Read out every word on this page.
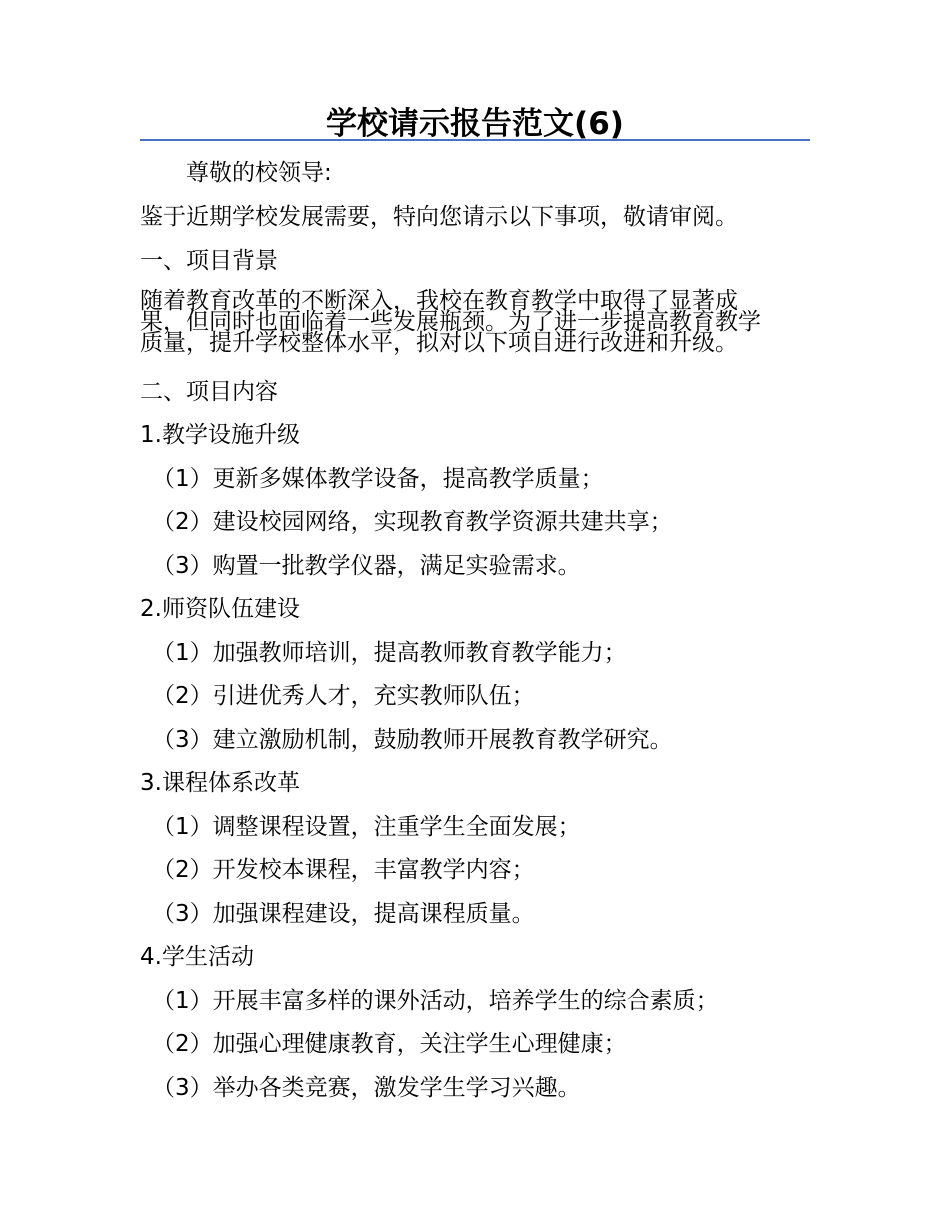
学校请示报告范文(6)
尊敬的校领导:
鉴于近期学校发展需要，特向您请示以下事项，敬请审阅。
一、项目背景
随着教育改革的不断深入，我校在教育教学中取得了显著成
果，但同时也面临着一些发展瓶颈。为了进一步提高教育教学
质量，提升学校整体水平，拟对以下项目进行改进和升级。
二、项目内容
1.教学设施升级
（1）更新多媒体教学设备，提高教学质量；
（2）建设校园网络，实现教育教学资源共建共享；
（3）购置一批教学仪器，满足实验需求。
2.师资队伍建设
（1）加强教师培训，提高教师教育教学能力；
（2）引进优秀人才，充实教师队伍；
（3）建立激励机制，鼓励教师开展教育教学研究。
3.课程体系改革
（1）调整课程设置，注重学生全面发展；
（2）开发校本课程，丰富教学内容；
（3）加强课程建设，提高课程质量。
4.学生活动
（1）开展丰富多样的课外活动，培养学生的综合素质；
（2）加强心理健康教育，关注学生心理健康；
（3）举办各类竞赛，激发学生学习兴趣。
